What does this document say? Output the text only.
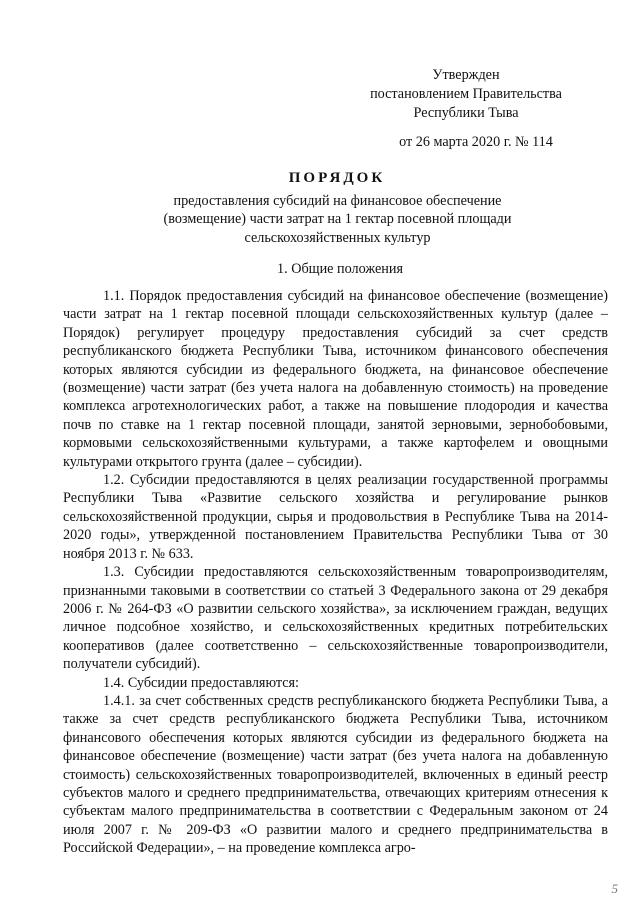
Утвержден
постановлением Правительства
Республики Тыва
от 26 марта 2020 г. № 114
ПОРЯДОК
предоставления субсидий на финансовое обеспечение (возмещение) части затрат на 1 гектар посевной площади сельскохозяйственных культур
1. Общие положения

1.1. Порядок предоставления субсидий на финансовое обеспечение (возмещение) части затрат на 1 гектар посевной площади сельскохозяйственных культур (далее – Порядок) регулирует процедуру предоставления субсидий за счет средств республиканского бюджета Республики Тыва, источником финансового обеспечения которых являются субсидии из федерального бюджета, на финансовое обеспечение (возмещение) части затрат (без учета налога на добавленную стоимость) на проведение комплекса агротехнологических работ, а также на повышение плодородия и качества почв по ставке на 1 гектар посевной площади, занятой зерновыми, зернобобовыми, кормовыми сельскохозяйственными культурами, а также картофелем и овощными культурами открытого грунта (далее – субсидии).

1.2. Субсидии предоставляются в целях реализации государственной программы Республики Тыва «Развитие сельского хозяйства и регулирование рынков сельскохозяйственной продукции, сырья и продовольствия в Республике Тыва на 2014-2020 годы», утвержденной постановлением Правительства Республики Тыва от 30 ноября 2013 г. № 633.

1.3. Субсидии предоставляются сельскохозяйственным товаропроизводителям, признанными таковыми в соответствии со статьей 3 Федерального закона от 29 декабря 2006 г. № 264-ФЗ «О развитии сельского хозяйства», за исключением граждан, ведущих личное подсобное хозяйство, и сельскохозяйственных кредитных потребительских кооперативов (далее соответственно – сельскохозяйственные товаропроизводители, получатели субсидий).

1.4. Субсидии предоставляются:

1.4.1. за счет собственных средств республиканского бюджета Республики Тыва, а также за счет средств республиканского бюджета Республики Тыва, источником финансового обеспечения которых являются субсидии из федерального бюджета на финансовое обеспечение (возмещение) части затрат (без учета налога на добавленную стоимость) сельскохозяйственных товаропроизводителей, включенных в единый реестр субъектов малого и среднего предпринимательства, отвечающих критериям отнесения к субъектам малого предпринимательства в соответствии с Федеральным законом от 24 июля 2007 г. № 209-ФЗ «О развитии малого и среднего предпринимательства в Российской Федерации», – на проведение комплекса агро-

5
